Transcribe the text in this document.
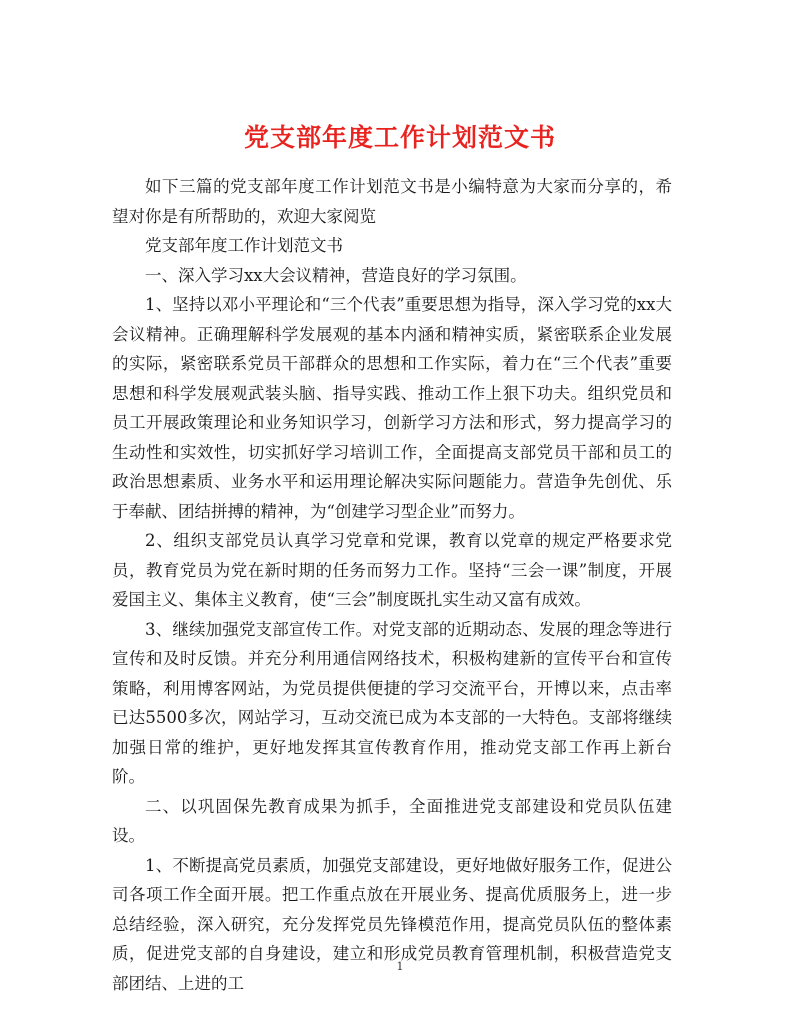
党支部年度工作计划范文书

如下三篇的党支部年度工作计划范文书是小编特意为大家而分享的，希望对你是有所帮助的，欢迎大家阅览

党支部年度工作计划范文书

一、深入学习xx大会议精神，营造良好的学习氛围。

1、坚持以邓小平理论和“三个代表”重要思想为指导，深入学习党的xx大会议精神。正确理解科学发展观的基本内涵和精神实质，紧密联系企业发展的实际，紧密联系党员干部群众的思想和工作实际，着力在“三个代表”重要思想和科学发展观武装头脑、指导实践、推动工作上狠下功夫。组织党员和员工开展政策理论和业务知识学习，创新学习方法和形式，努力提高学习的生动性和实效性，切实抓好学习培训工作，全面提高支部党员干部和员工的政治思想素质、业务水平和运用理论解决实际问题能力。营造争先创优、乐于奉献、团结拼搏的精神，为“创建学习型企业”而努力。

2、组织支部党员认真学习党章和党课，教育以党章的规定严格要求党员，教育党员为党在新时期的任务而努力工作。坚持“三会一课”制度，开展爱国主义、集体主义教育，使“三会”制度既扎实生动又富有成效。

3、继续加强党支部宣传工作。对党支部的近期动态、发展的理念等进行宣传和及时反馈。并充分利用通信网络技术，积极构建新的宣传平台和宣传策略，利用博客网站，为党员提供便捷的学习交流平台，开博以来，点击率已达5500多次，网站学习，互动交流已成为本支部的一大特色。支部将继续加强日常的维护，更好地发挥其宣传教育作用，推动党支部工作再上新台阶。

二、以巩固保先教育成果为抓手，全面推进党支部建设和党员队伍建设。

1、不断提高党员素质，加强党支部建设，更好地做好服务工作，促进公司各项工作全面开展。把工作重点放在开展业务、提高优质服务上，进一步总结经验，深入研究，充分发挥党员先锋模范作用，提高党员队伍的整体素质，促进党支部的自身建设，建立和形成党员教育管理机制，积极营造党支部团结、上进的工

1
